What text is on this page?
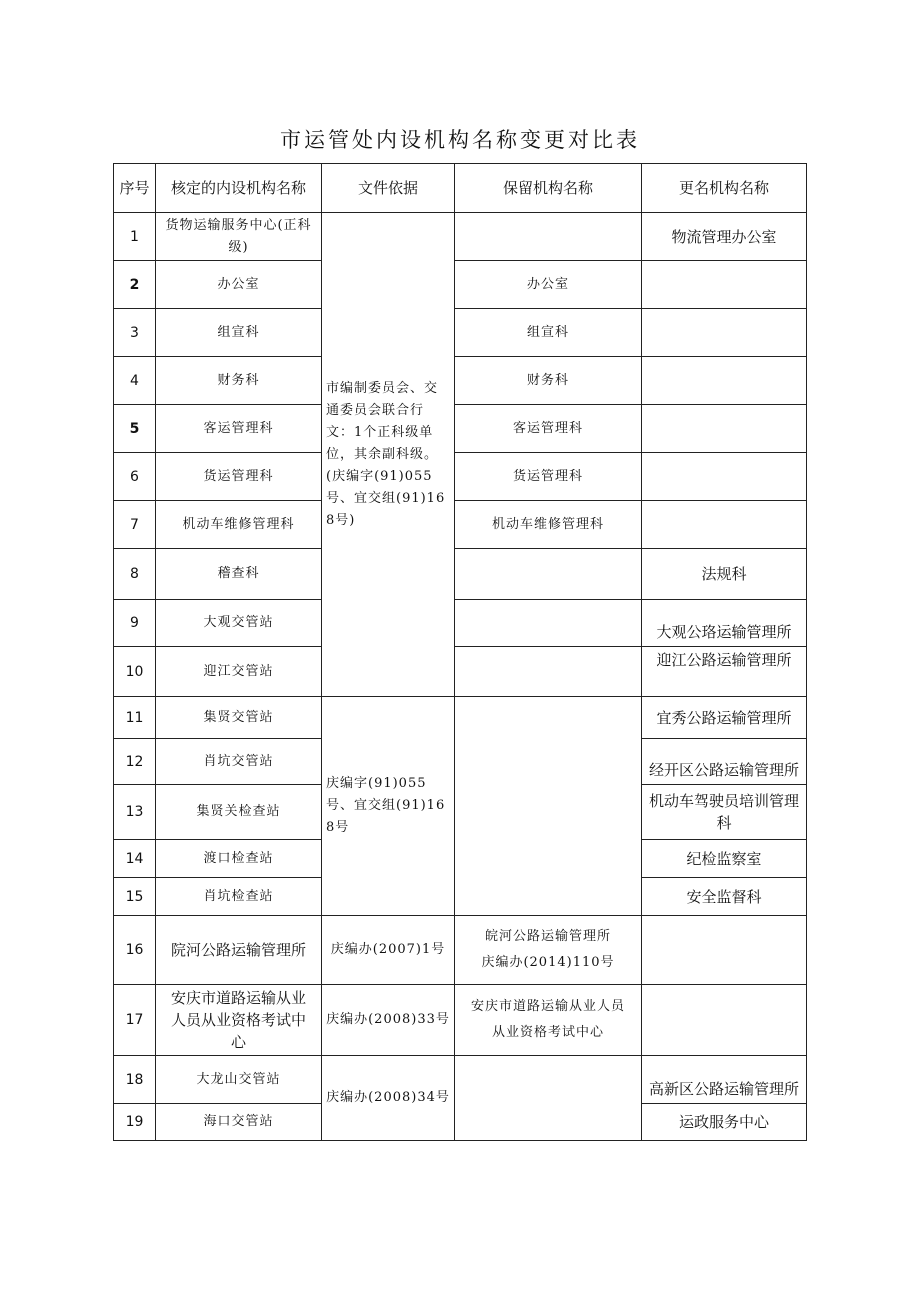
市运管处内设机构名称变更对比表
序号	核定的内设机构名称	文件依据	保留机构名称	更名机构名称
1	货物运输服务中心(正科级)	市编制委员会、交通委员会联合行文：1个正科级单位，其余副科级。(庆编字(91)055号、宜交组(91)168号)		物流管理办公室
2	办公室		办公室	
3	组宣科		组宣科	
4	财务科		财务科	
5	客运管理科		客运管理科	
6	货运管理科		货运管理科	
7	机动车维修管理科		机动车维修管理科	
8	稽查科			法规科
9	大观交管站			大观公珞运输管理所
10	迎江交管站			迎江公路运输管理所
11	集贤交管站	庆编字(91)055号、宜交组(91)168号		宜秀公路运输管理所
12	肖坑交管站			经开区公路运输管理所
13	集贤关检查站			机动车驾驶员培训管理科
14	渡口检查站			纪检监察室
15	肖坑检查站			安全监督科
16	院河公路运输管理所	庆编办(2007)1号	皖河公路运输管理所
庆编办(2014)110号	
17	安庆市道路运输从业人员从业资格考试中心	庆编办(2008)33号	安庆市道路运输从业人员从业资格考试中心	
18	大龙山交管站	庆编办(2008)34号		高新区公路运输管理所
19	海口交管站			运政服务中心
